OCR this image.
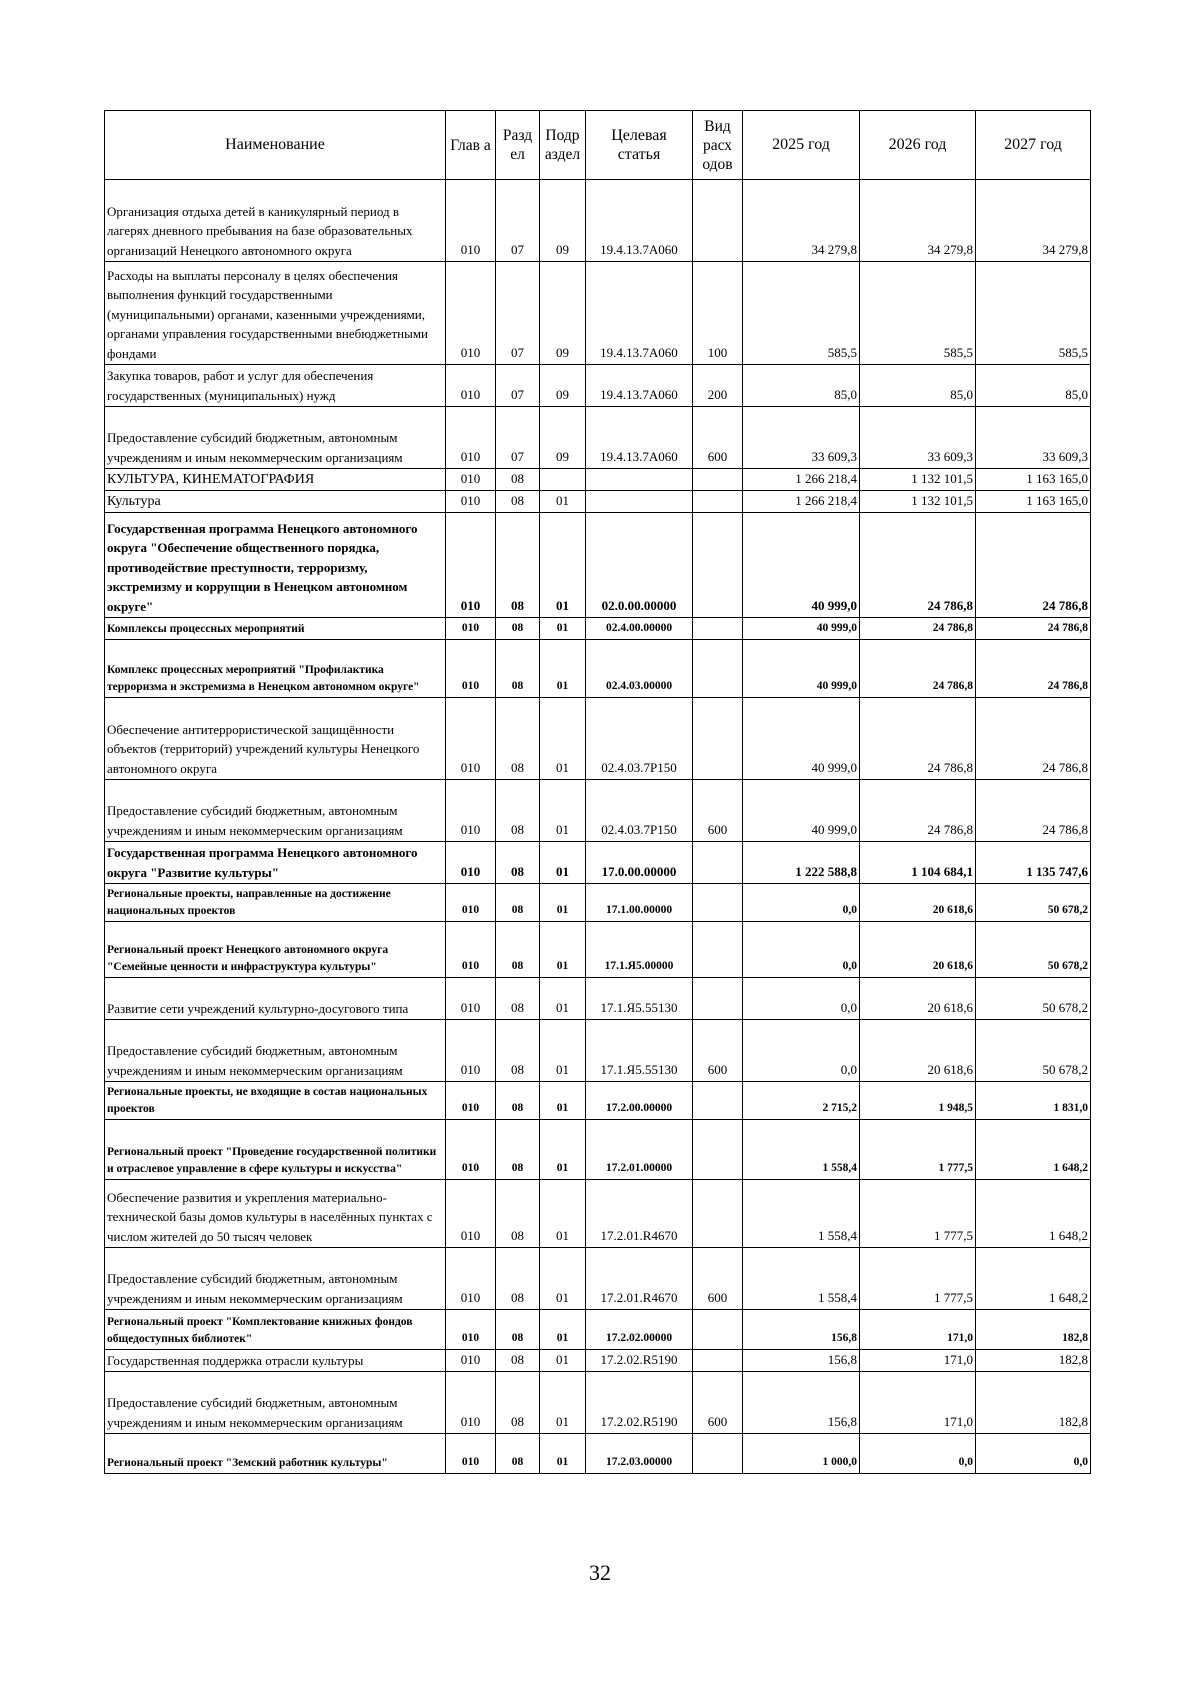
Наименование	Глав а	Разд ел	Подр аздел	Целевая статья	Вид расх одов	2025 год	2026 год	2027 год
Организация отдыха детей в каникулярный период в лагерях дневного пребывания на базе образовательных организаций Ненецкого автономного округа	010	07	09	19.4.13.7А060		34 279,8	34 279,8	34 279,8
Расходы на выплаты персоналу в целях обеспечения выполнения функций государственными (муниципальными) органами, казенными учреждениями, органами управления государственными внебюджетными фондами	010	07	09	19.4.13.7А060	100	585,5	585,5	585,5
Закупка товаров, работ и услуг для обеспечения государственных (муниципальных) нужд	010	07	09	19.4.13.7А060	200	85,0	85,0	85,0
Предоставление субсидий бюджетным, автономным учреждениям и иным некоммерческим организациям	010	07	09	19.4.13.7А060	600	33 609,3	33 609,3	33 609,3
КУЛЬТУРА, КИНЕМАТОГРАФИЯ	010	08				1 266 218,4	1 132 101,5	1 163 165,0
Культура	010	08	01			1 266 218,4	1 132 101,5	1 163 165,0
Государственная программа Ненецкого автономного округа "Обеспечение общественного порядка, противодействие преступности, терроризму, экстремизму и коррупции в Ненецком автономном округе"	010	08	01	02.0.00.00000		40 999,0	24 786,8	24 786,8
Комплексы процессных мероприятий	010	08	01	02.4.00.00000		40 999,0	24 786,8	24 786,8
Комплекс процессных мероприятий "Профилактика терроризма и экстремизма в Ненецком автономном округе"	010	08	01	02.4.03.00000		40 999,0	24 786,8	24 786,8
Обеспечение антитеррористической защищённости объектов (территорий) учреждений культуры Ненецкого автономного округа	010	08	01	02.4.03.7Р150		40 999,0	24 786,8	24 786,8
Предоставление субсидий бюджетным, автономным учреждениям и иным некоммерческим организациям	010	08	01	02.4.03.7Р150	600	40 999,0	24 786,8	24 786,8
Государственная программа Ненецкого автономного округа "Развитие культуры"	010	08	01	17.0.00.00000		1 222 588,8	1 104 684,1	1 135 747,6
Региональные проекты, направленные на достижение национальных проектов	010	08	01	17.1.00.00000		0,0	20 618,6	50 678,2
Региональный проект Ненецкого автономного округа "Семейные ценности и инфраструктура культуры"	010	08	01	17.1.Я5.00000		0,0	20 618,6	50 678,2
Развитие сети учреждений культурно-досугового типа	010	08	01	17.1.Я5.55130		0,0	20 618,6	50 678,2
Предоставление субсидий бюджетным, автономным учреждениям и иным некоммерческим организациям	010	08	01	17.1.Я5.55130	600	0,0	20 618,6	50 678,2
Региональные проекты, не входящие в состав национальных проектов	010	08	01	17.2.00.00000		2 715,2	1 948,5	1 831,0
Региональный проект "Проведение государственной политики и отраслевое управление в сфере культуры и искусства"	010	08	01	17.2.01.00000		1 558,4	1 777,5	1 648,2
Обеспечение развития и укрепления материально-технической базы домов культуры в населённых пунктах с числом жителей до 50 тысяч человек	010	08	01	17.2.01.R4670		1 558,4	1 777,5	1 648,2
Предоставление субсидий бюджетным, автономным учреждениям и иным некоммерческим организациям	010	08	01	17.2.01.R4670	600	1 558,4	1 777,5	1 648,2
Региональный проект "Комплектование книжных фондов общедоступных библиотек"	010	08	01	17.2.02.00000		156,8	171,0	182,8
Государственная поддержка отрасли культуры	010	08	01	17.2.02.R5190		156,8	171,0	182,8
Предоставление субсидий бюджетным, автономным учреждениям и иным некоммерческим организациям	010	08	01	17.2.02.R5190	600	156,8	171,0	182,8
Региональный проект "Земский работник культуры"	010	08	01	17.2.03.00000		1 000,0	0,0	0,0
32
